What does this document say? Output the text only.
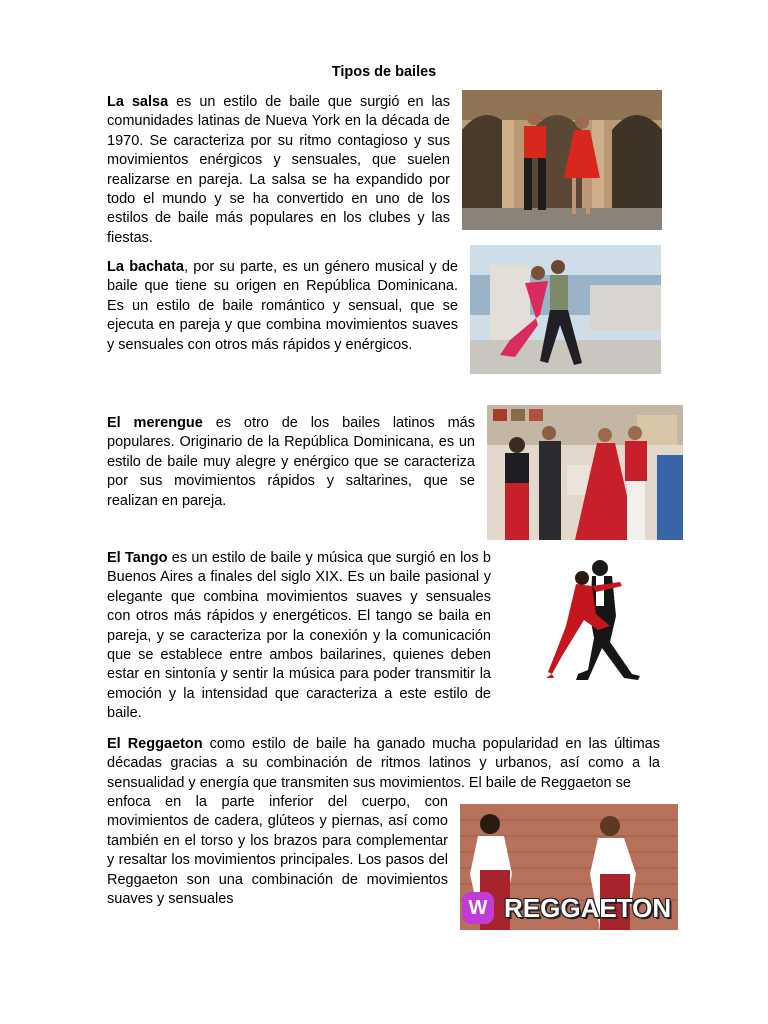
Tipos de bailes

La salsa es un estilo de baile que surgió en las comunidades latinas de Nueva York en la década de 1970. Se caracteriza por su ritmo contagioso y sus movimientos enérgicos y sensuales, que suelen realizarse en pareja. La salsa se ha expandido por todo el mundo y se ha convertido en uno de los estilos de baile más populares en los clubes y las fiestas.

La bachata, por su parte, es un género musical y de baile que tiene su origen en República Dominicana. Es un estilo de baile romántico y sensual, que se ejecuta en pareja y que combina movimientos suaves y sensuales con otros más rápidos y enérgicos.

El merengue es otro de los bailes latinos más populares. Originario de la República Dominicana, es un estilo de baile muy alegre y enérgico que se caracteriza por sus movimientos rápidos y saltarines, que se realizan en pareja.

El Tango es un estilo de baile y música que surgió en los b Buenos Aires a finales del siglo XIX. Es un baile pasional y elegante que combina movimientos suaves y sensuales con otros más rápidos y energéticos. El tango se baila en pareja, y se caracteriza por la conexión y la comunicación que se establece entre ambos bailarines, quienes deben estar en sintonía y sentir la música para poder transmitir la emoción y la intensidad que caracteriza a este estilo de baile.

El Reggaeton como estilo de baile ha ganado mucha popularidad en las últimas décadas gracias a su combinación de ritmos latinos y urbanos, así como a la sensualidad y energía que transmiten sus movimientos. El baile de Reggaeton se

enfoca en la parte inferior del cuerpo, con movimientos de cadera, glúteos y piernas, así como también en el torso y los brazos para complementar y resaltar los movimientos principales. Los pasos del Reggaeton son una combinación de movimientos suaves y sensuales	W REGGAETON
